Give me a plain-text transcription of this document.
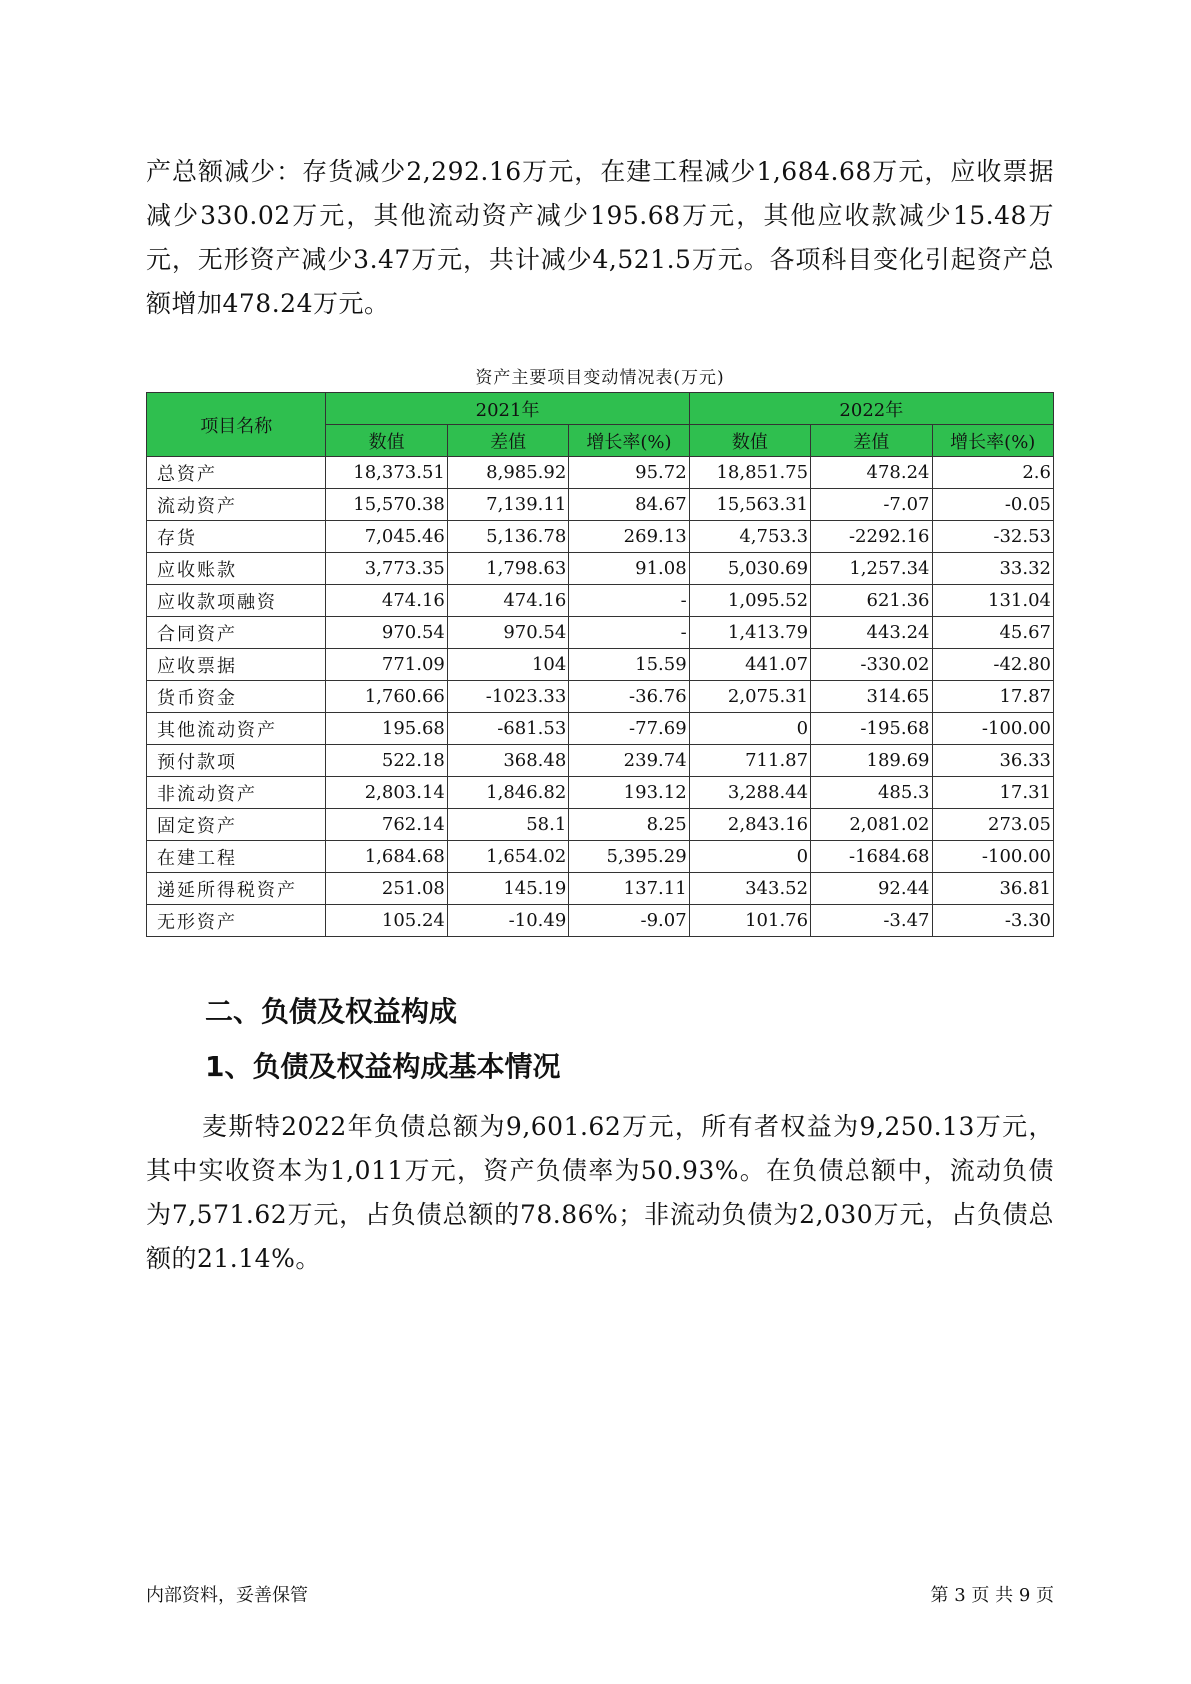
产总额减少：存货减少2,292.16万元，在建工程减少1,684.68万元，应收票据减少330.02万元，其他流动资产减少195.68万元，其他应收款减少15.48万元，无形资产减少3.47万元，共计减少4,521.5万元。各项科目变化引起资产总额增加478.24万元。
资产主要项目变动情况表(万元)
项目名称	2021年			2022年		
	数值	差值	增长率(%)	数值	差值	增长率(%)
总资产	18,373.51	8,985.92	95.72	18,851.75	478.24	2.6
流动资产	15,570.38	7,139.11	84.67	15,563.31	-7.07	-0.05
存货	7,045.46	5,136.78	269.13	4,753.3	-2292.16	-32.53
应收账款	3,773.35	1,798.63	91.08	5,030.69	1,257.34	33.32
应收款项融资	474.16	474.16	-	1,095.52	621.36	131.04
合同资产	970.54	970.54	-	1,413.79	443.24	45.67
应收票据	771.09	104	15.59	441.07	-330.02	-42.80
货币资金	1,760.66	-1023.33	-36.76	2,075.31	314.65	17.87
其他流动资产	195.68	-681.53	-77.69	0	-195.68	-100.00
预付款项	522.18	368.48	239.74	711.87	189.69	36.33
非流动资产	2,803.14	1,846.82	193.12	3,288.44	485.3	17.31
固定资产	762.14	58.1	8.25	2,843.16	2,081.02	273.05
在建工程	1,684.68	1,654.02	5,395.29	0	-1684.68	-100.00
递延所得税资产	251.08	145.19	137.11	343.52	92.44	36.81
无形资产	105.24	-10.49	-9.07	101.76	-3.47	-3.30
二、负债及权益构成
1、负债及权益构成基本情况
麦斯特2022年负债总额为9,601.62万元，所有者权益为9,250.13万元，其中实收资本为1,011万元，资产负债率为50.93%。在负债总额中，流动负债为7,571.62万元，占负债总额的78.86%；非流动负债为2,030万元，占负债总额的21.14%。
内部资料，妥善保管	第 3 页 共 9 页
